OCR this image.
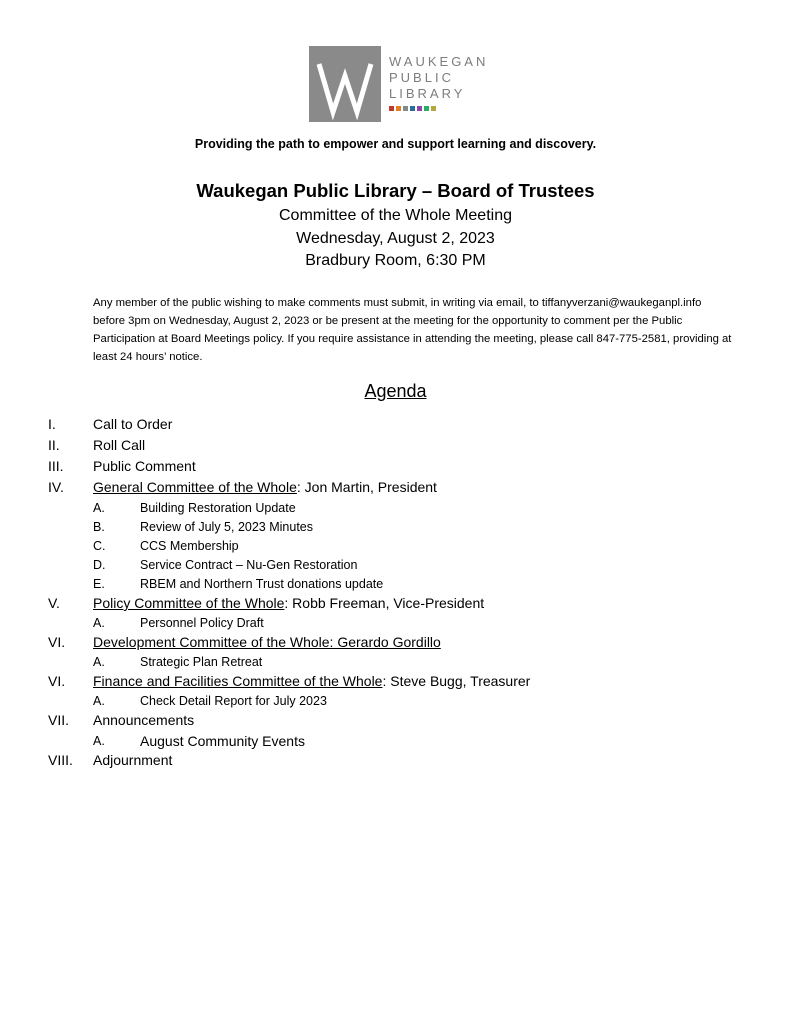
WAUKEGAN
PUBLIC
LIBRARY
Providing the path to empower and support learning and discovery.
Waukegan Public Library – Board of Trustees
Committee of the Whole Meeting
Wednesday, August 2, 2023
Bradbury Room, 6:30 PM
Any member of the public wishing to make comments must submit, in writing via email, to tiffanyverzani@waukeganpl.info before 3pm on Wednesday, August 2, 2023 or be present at the meeting for the opportunity to comment per the Public Participation at Board Meetings policy. If you require assistance in attending the meeting, please call 847-775-2581, providing at least 24 hours’ notice.
Agenda
I.	Call to Order
II. Roll Call
III. Public Comment
IV. General Committee of the Whole: Jon Martin, President
A.	Building Restoration Update
B.	Review of July 5, 2023 Minutes
C.	CCS Membership
D.	Service Contract – Nu-Gen Restoration
E.	RBEM and Northern Trust donations update
V. Policy Committee of the Whole: Robb Freeman, Vice-President
A.	Personnel Policy Draft
VI. Development Committee of the Whole: Gerardo Gordillo
A.	Strategic Plan Retreat
VI. Finance and Facilities Committee of the Whole: Steve Bugg, Treasurer
A.	Check Detail Report for July 2023
VII. Announcements
A.	August Community Events
VIII. Adjournment
